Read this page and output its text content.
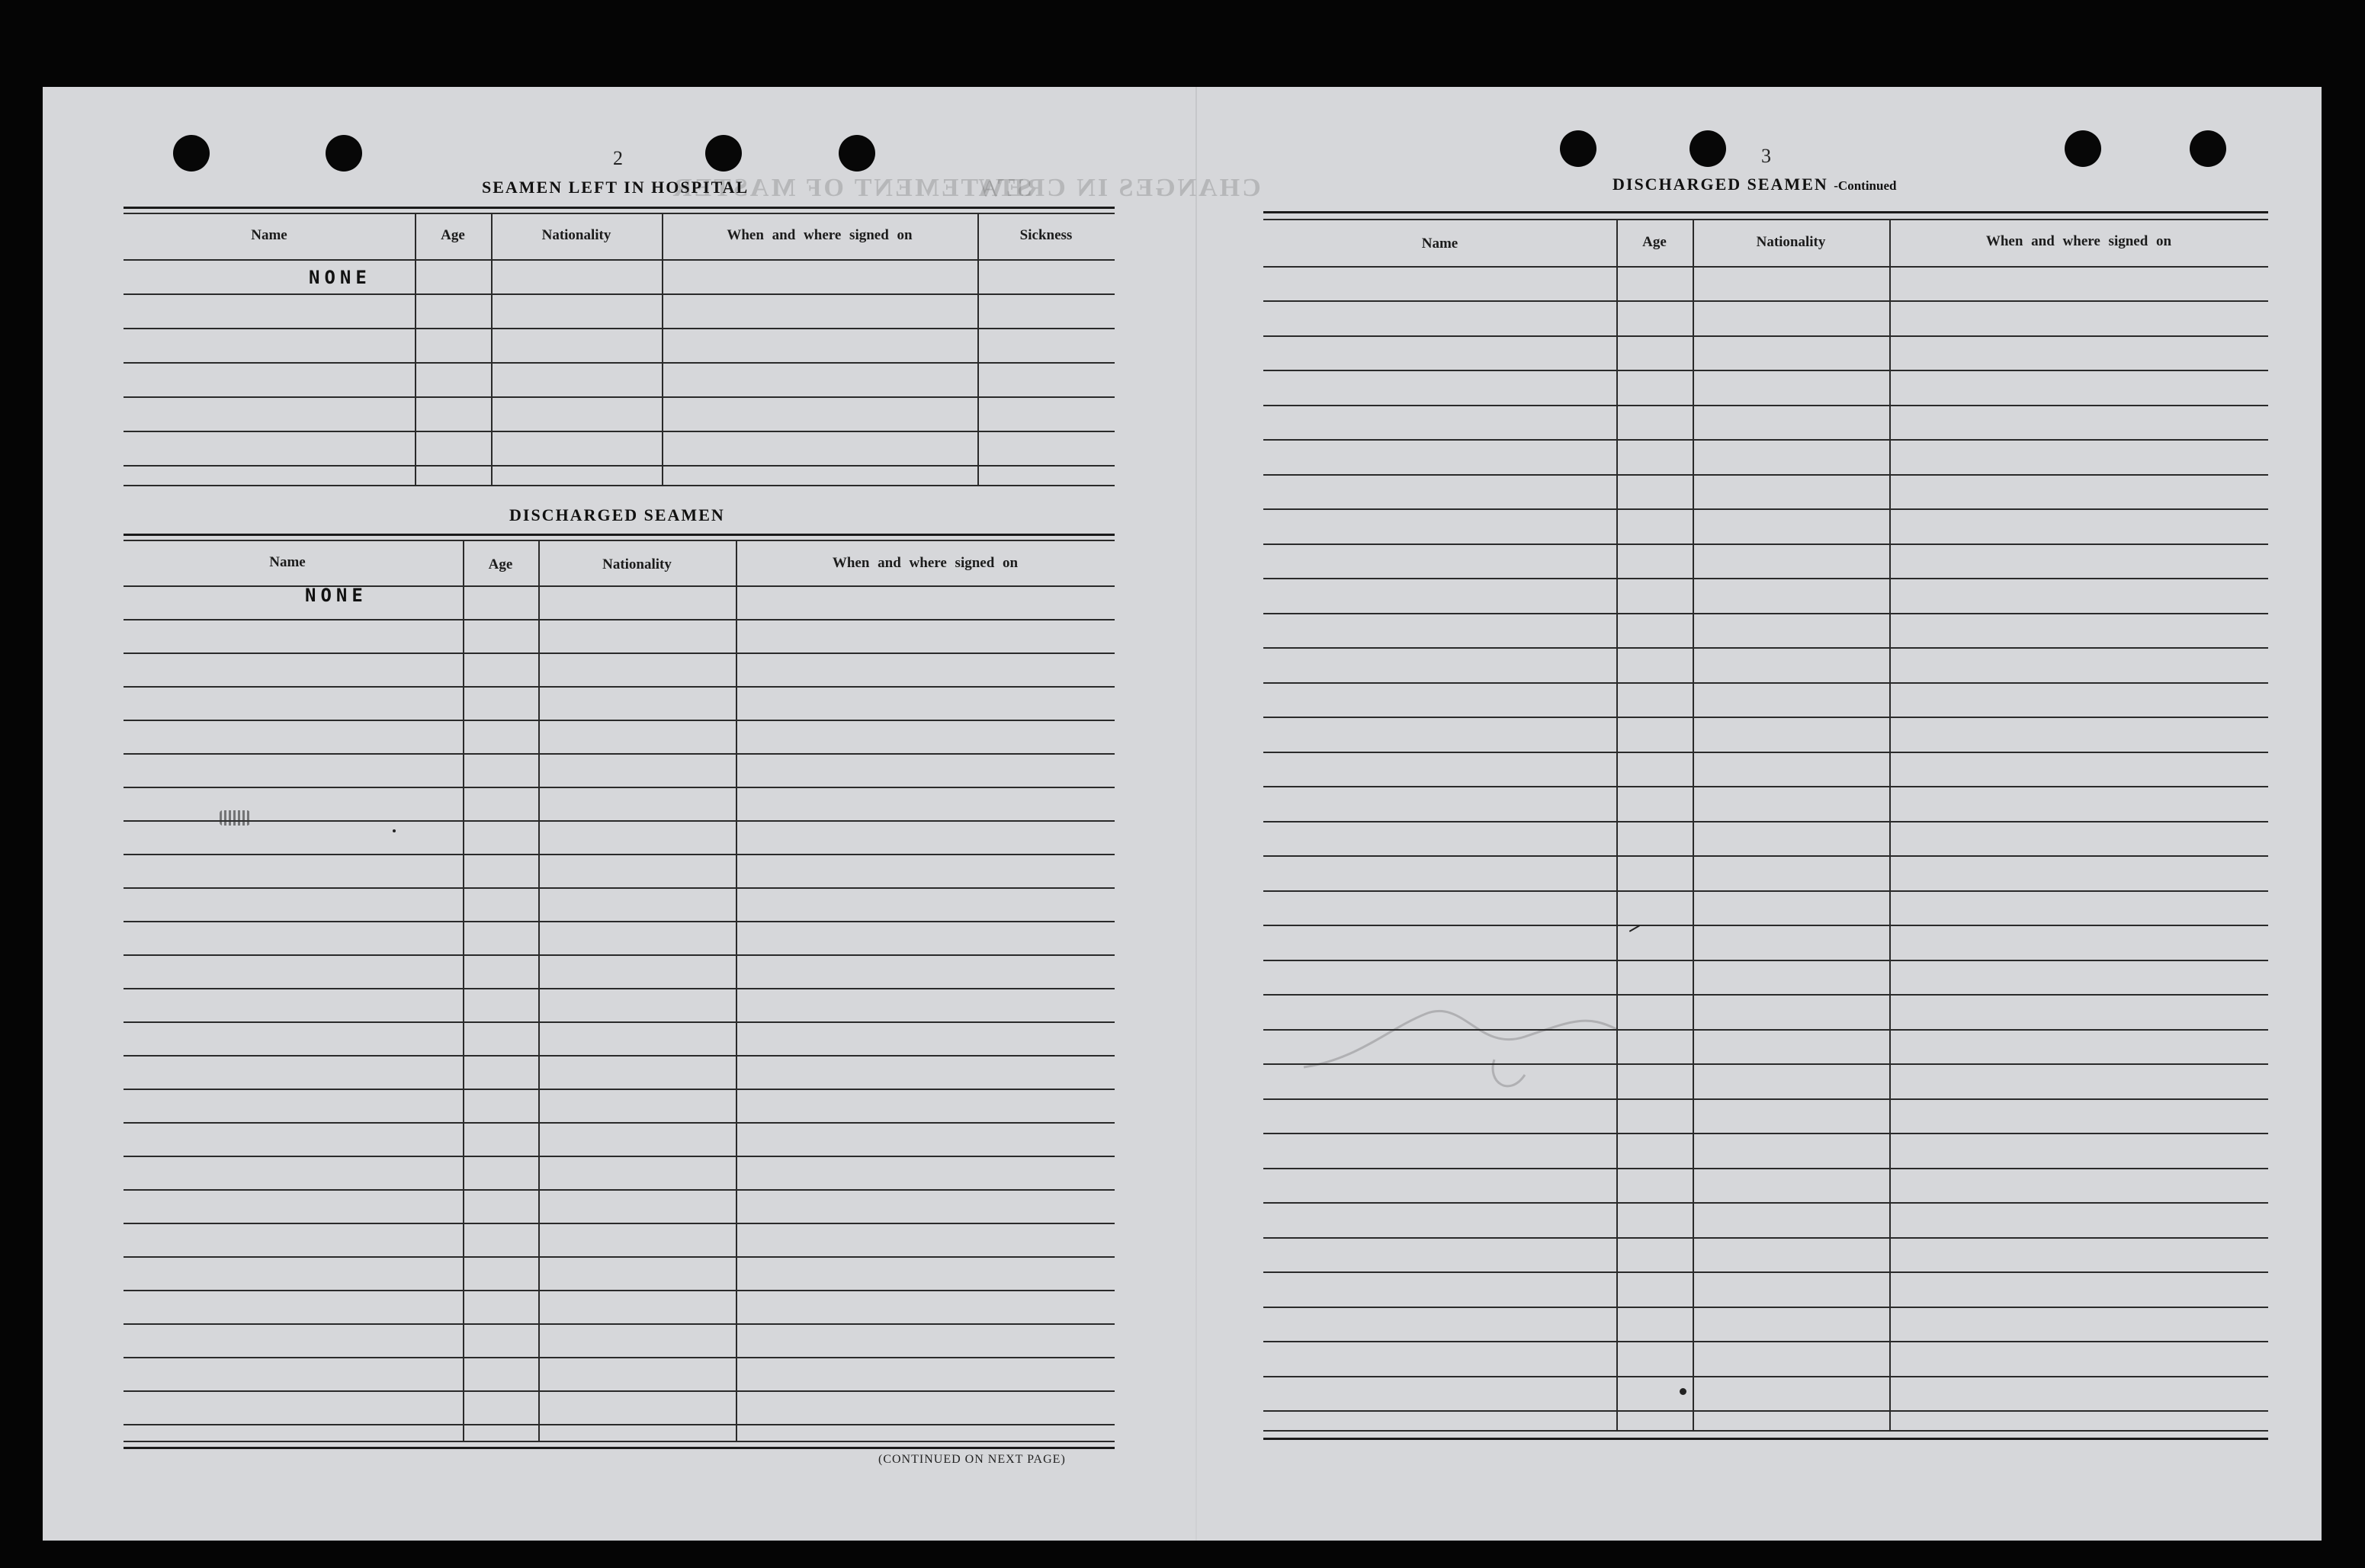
STATEMENT OF MASTER
CHANGES IN CREW
2
SEAMEN LEFT IN HOSPITAL
Name	Age	Nationality	When and where signed on	Sickness
NONE
DISCHARGED SEAMEN
Name	Age	Nationality	When and where signed on
NONE
(CONTINUED ON NEXT PAGE)
3
DISCHARGED SEAMEN -Continued
Name	Age	Nationality	When and where signed on
